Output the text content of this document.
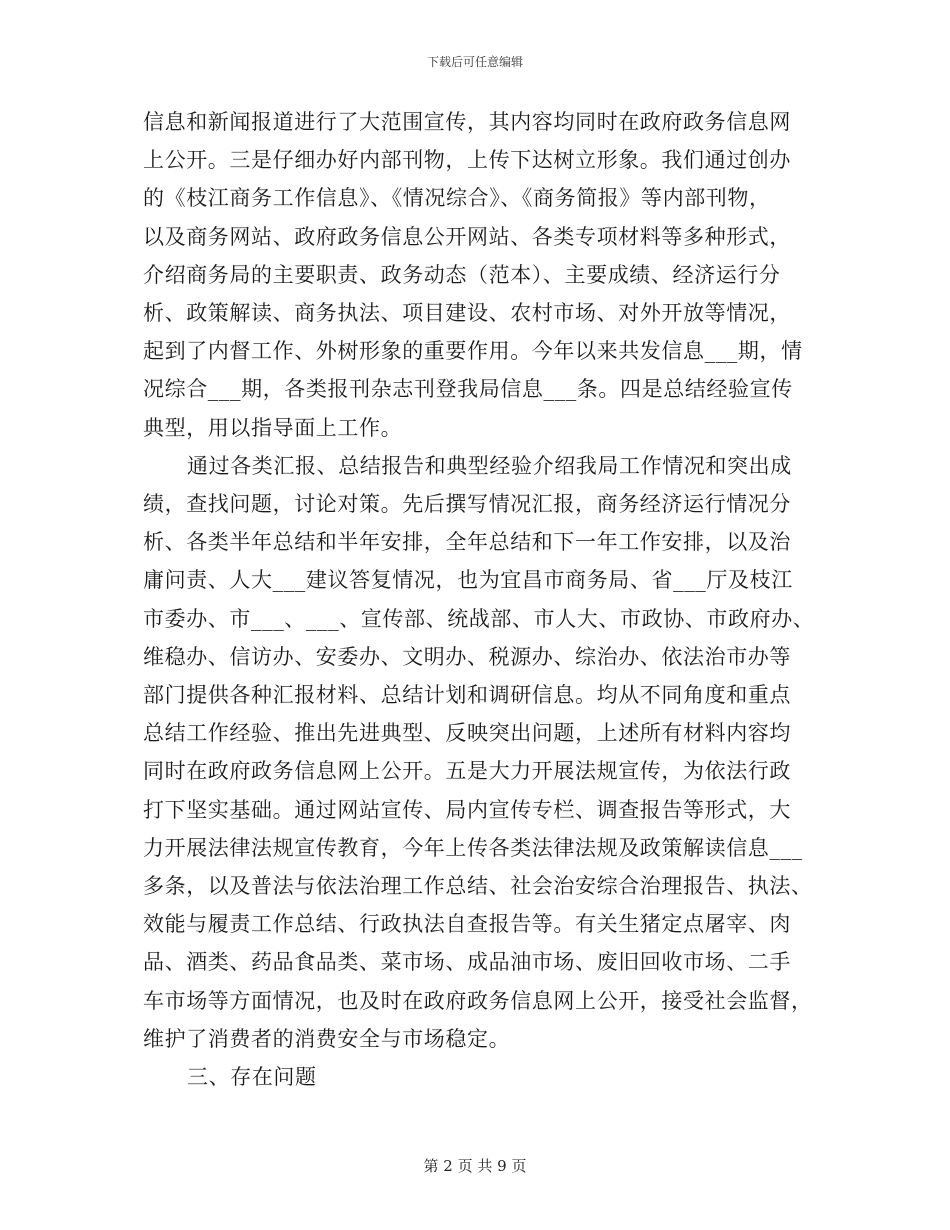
下载后可任意编辑
信息和新闻报道进行了大范围宣传，其内容均同时在政府政务信息网
上公开。三是仔细办好内部刊物，上传下达树立形象。我们通过创办
的《枝江商务工作信息》、《情况综合》、《商务简报》等内部刊物，
以及商务网站、政府政务信息公开网站、各类专项材料等多种形式，
介绍商务局的主要职责、政务动态（范本）、主要成绩、经济运行分
析、政策解读、商务执法、项目建设、农村市场、对外开放等情况，
起到了内督工作、外树形象的重要作用。今年以来共发信息___期，情
况综合___期，各类报刊杂志刊登我局信息___条。四是总结经验宣传
典型，用以指导面上工作。
通过各类汇报、总结报告和典型经验介绍我局工作情况和突出成
绩，查找问题，讨论对策。先后撰写情况汇报，商务经济运行情况分
析、各类半年总结和半年安排，全年总结和下一年工作安排，以及治
庸问责、人大___建议答复情况，也为宜昌市商务局、省___厅及枝江
市委办、市___、___、宣传部、统战部、市人大、市政协、市政府办、
维稳办、信访办、安委办、文明办、税源办、综治办、依法治市办等
部门提供各种汇报材料、总结计划和调研信息。均从不同角度和重点
总结工作经验、推出先进典型、反映突出问题，上述所有材料内容均
同时在政府政务信息网上公开。五是大力开展法规宣传，为依法行政
打下坚实基础。通过网站宣传、局内宣传专栏、调查报告等形式，大
力开展法律法规宣传教育，今年上传各类法律法规及政策解读信息___
多条，以及普法与依法治理工作总结、社会治安综合治理报告、执法、
效能与履责工作总结、行政执法自查报告等。有关生猪定点屠宰、肉
品、酒类、药品食品类、菜市场、成品油市场、废旧回收市场、二手
车市场等方面情况，也及时在政府政务信息网上公开，接受社会监督，
维护了消费者的消费安全与市场稳定。
三、存在问题
第 2 页 共 9 页
